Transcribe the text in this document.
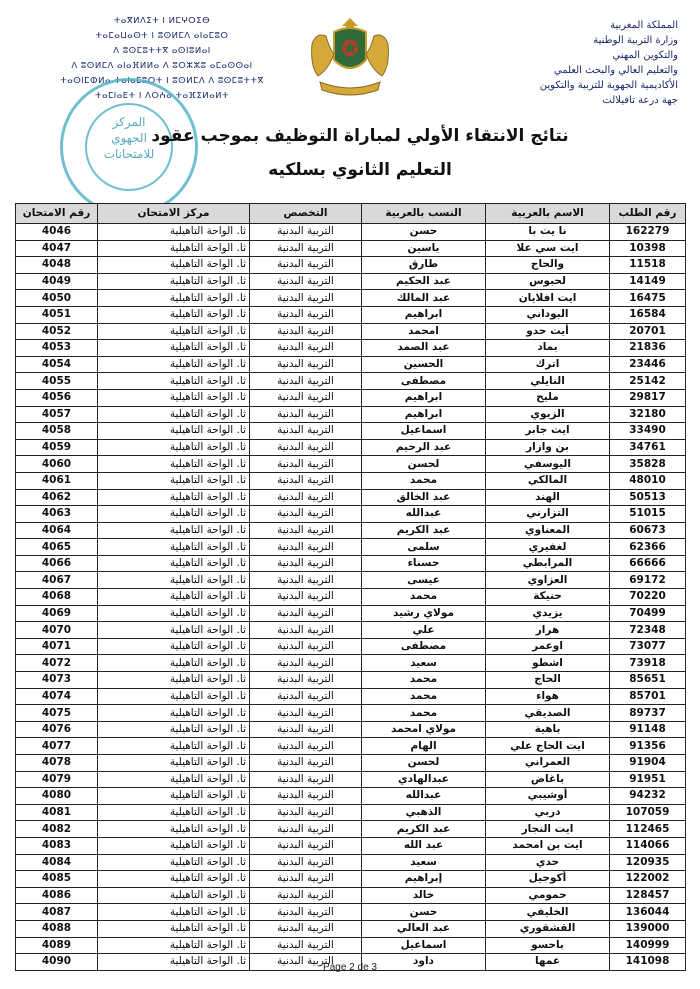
المملكة المغربية
وزارة التربية الوطنية
والتكوين المهني
والتعليم العالي والبحث العلمي
الأكاديمية الجهوية للتربية والتكوين
جهة درعة تافيلالت
ⵜⴰⴳⵍⴷⵉⵜ ⵏ ⵍⵎⵖⵔⵉⴱ
ⵜⴰⵎⴰⵡⴰⵙⵜ ⵏ ⵓⵙⵍⵎⴷ ⴰⵏⴰⵎⵓⵔ
ⴷ ⵓⵙⵎⵓⵜⵜⴳ ⴰⵙⵏⵓⵍⴰⵏ
ⴷ ⵓⵙⵍⵎⴷ ⴰⵏⴰⴼⵍⵍⴰ ⴷ ⵓⵔⵣⵣⵓ ⴰⵎⴰⵙⵙⴰⵏ
ⵜⴰⵙⵏⵎⵀⵍⴰ ⵜⴰⵏⴰⵎⵓⵔⵜ ⵏ ⵓⵙⵍⵎⴷ ⴷ ⵓⵙⵎⵓⵜⵜⴳ
ⵜⴰⵎⵏⴰⴹⵜ ⵏ ⴷⵔⵄⴰ ⵜⴰⴼⵉⵍⴰⵍⵜ
المركز
الجهوي
للامتحانات
نتائج الانتقاء الأولي لمباراة التوظيف بموجب عقود
التعليم الثانوي بسلكيه
رقم الطلب	الاسم بالعربية	النسب بالعربية	التخصص	مركز الامتحان	رقم الامتحان
162279	نا يت با	حسن	التربية البدنية	ثا. الواحة التاهيلية	4046
10398	ايت سي علا	ياسين	التربية البدنية	ثا. الواحة التاهيلية	4047
11518	والحاج	طارق	التربية البدنية	ثا. الواحة التاهيلية	4048
14149	لحبوس	عبد الحكيم	التربية البدنية	ثا. الواحة التاهيلية	4049
16475	ايت افلايان	عبد المالك	التربية البدنية	ثا. الواحة التاهيلية	4050
16584	البوداني	ابراهيم	التربية البدنية	ثا. الواحة التاهيلية	4051
20701	أيت حدو	امحمد	التربية البدنية	ثا. الواحة التاهيلية	4052
21836	بماد	عبد الصمد	التربية البدنية	ثا. الواحة التاهيلية	4053
23446	اترك	الحسين	التربية البدنية	ثا. الواحة التاهيلية	4054
25142	النايلي	مصطفى	التربية البدنية	ثا. الواحة التاهيلية	4055
29817	مليح	ابراهيم	التربية البدنية	ثا. الواحة التاهيلية	4056
32180	الزيوي	ابراهيم	التربية البدنية	ثا. الواحة التاهيلية	4057
33490	ايت جابر	اسماعيل	التربية البدنية	ثا. الواحة التاهيلية	4058
34761	بن وازار	عبد الرحيم	التربية البدنية	ثا. الواحة التاهيلية	4059
35828	اليوسفي	لحسن	التربية البدنية	ثا. الواحة التاهيلية	4060
48010	المالكي	محمد	التربية البدنية	ثا. الواحة التاهيلية	4061
50513	الهند	عبد الخالق	التربية البدنية	ثا. الواحة التاهيلية	4062
51015	التزارني	عبدالله	التربية البدنية	ثا. الواحة التاهيلية	4063
60673	المعناوي	عبد الكريم	التربية البدنية	ثا. الواحة التاهيلية	4064
62366	لغفيري	سلمى	التربية البدنية	ثا. الواحة التاهيلية	4065
66666	المرابطي	حسناء	التربية البدنية	ثا. الواحة التاهيلية	4066
69172	العزاوي	عيسى	التربية البدنية	ثا. الواحة التاهيلية	4067
70220	حنيكة	محمد	التربية البدنية	ثا. الواحة التاهيلية	4068
70499	يزيدي	مولاي رشيد	التربية البدنية	ثا. الواحة التاهيلية	4069
72348	هرار	علي	التربية البدنية	ثا. الواحة التاهيلية	4070
73077	اوعمر	مصطفى	التربية البدنية	ثا. الواحة التاهيلية	4071
73918	اشطو	سعيد	التربية البدنية	ثا. الواحة التاهيلية	4072
85651	الحاج	محمد	التربية البدنية	ثا. الواحة التاهيلية	4073
85701	هواء	محمد	التربية البدنية	ثا. الواحة التاهيلية	4074
89737	الصديقي	محمد	التربية البدنية	ثا. الواحة التاهيلية	4075
91148	باهية	مولاي امحمد	التربية البدنية	ثا. الواحة التاهيلية	4076
91356	ايت الحاج علي	الهام	التربية البدنية	ثا. الواحة التاهيلية	4077
91904	العمراني	لحسن	التربية البدنية	ثا. الواحة التاهيلية	4078
91951	باغاض	عبدالهادي	التربية البدنية	ثا. الواحة التاهيلية	4079
94232	أوشيبي	عبدالله	التربية البدنية	ثا. الواحة التاهيلية	4080
107059	دربي	الذهبي	التربية البدنية	ثا. الواحة التاهيلية	4081
112465	ايت النجار	عبد الكريم	التربية البدنية	ثا. الواحة التاهيلية	4082
114066	ايت بن امحمد	عبد الله	التربية البدنية	ثا. الواحة التاهيلية	4083
120935	حدي	سعيد	التربية البدنية	ثا. الواحة التاهيلية	4084
122002	أكوجيل	إبراهيم	التربية البدنية	ثا. الواحة التاهيلية	4085
128457	حمومي	خالد	التربية البدنية	ثا. الواحة التاهيلية	4086
136044	الخليفي	حسن	التربية البدنية	ثا. الواحة التاهيلية	4087
139000	القشقوري	عبد العالي	التربية البدنية	ثا. الواحة التاهيلية	4088
140999	باحسو	اسماعيل	التربية البدنية	ثا. الواحة التاهيلية	4089
141098	عمها	داود	التربية البدنية	ثا. الواحة التاهيلية	4090
Page 2 de 3
